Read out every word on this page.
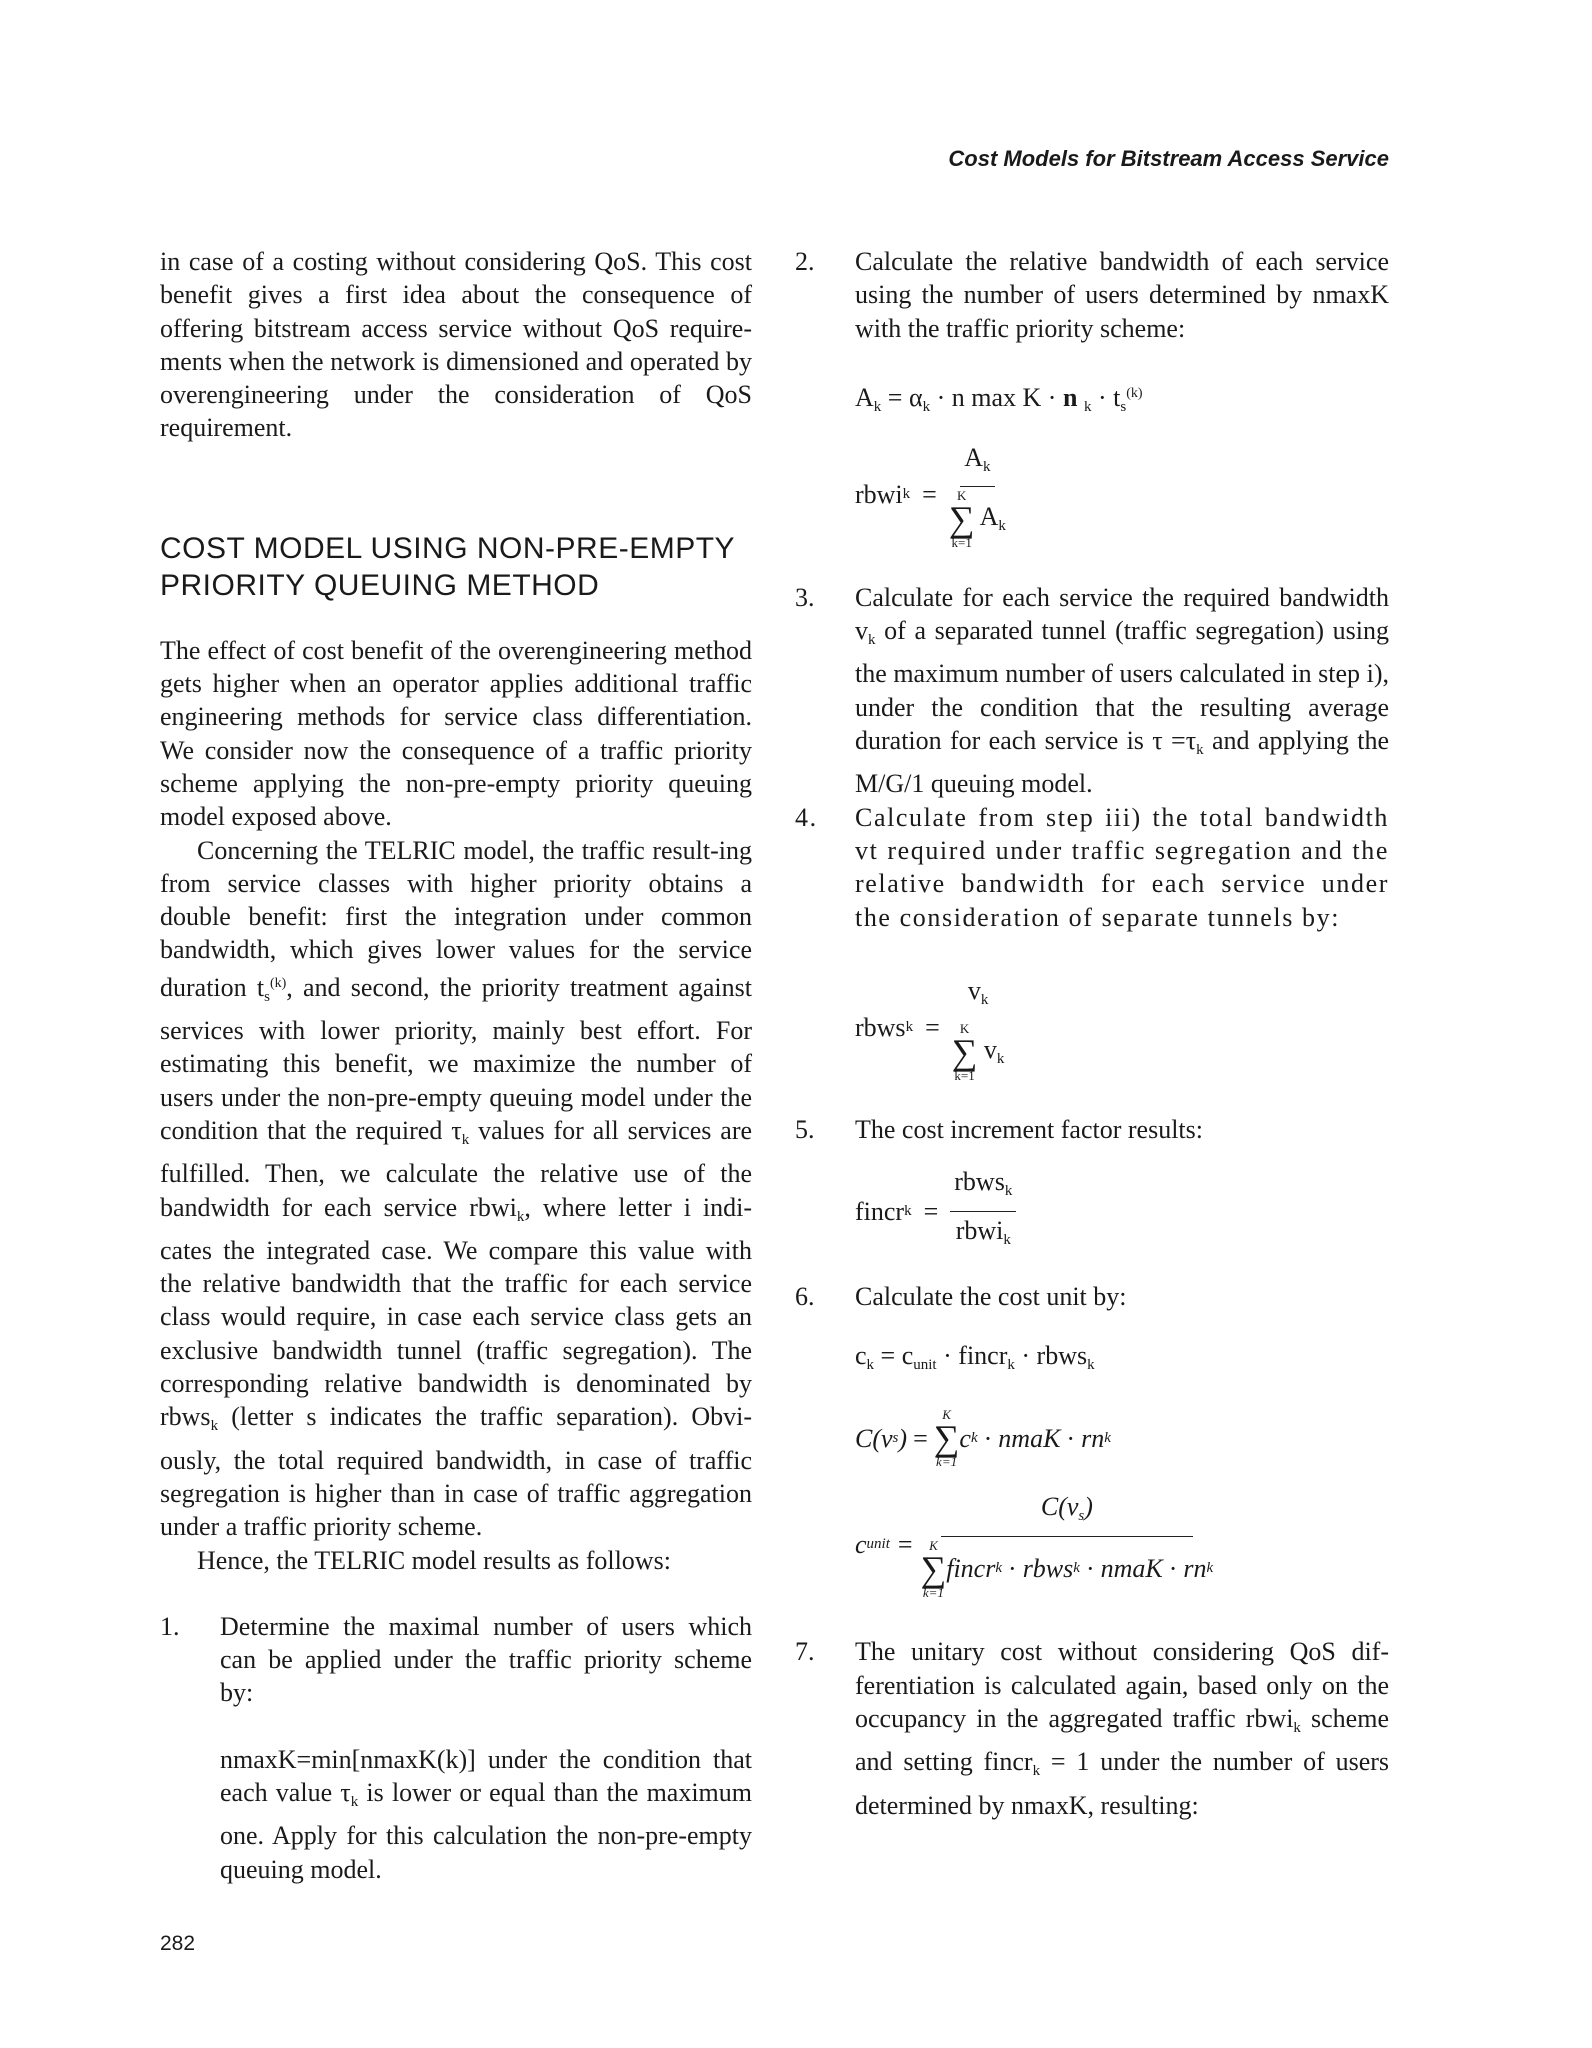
Cost Models for Bitstream Access Service

in case of a costing without considering QoS. This cost benefit gives a first idea about the consequence of offering bitstream access service without QoS require-ments when the network is dimensioned and operated by overengineering under the consideration of QoS requirement.

COST MODEL USING NON-PRE-EMPTY
PRIORITY QUEUING METHOD

The effect of cost benefit of the overengineering method gets higher when an operator applies additional traffic engineering methods for service class differentiation. We consider now the consequence of a traffic priority scheme applying the non-pre-empty priority queuing model exposed above.

Concerning the TELRIC model, the traffic result-ing from service classes with higher priority obtains a double benefit: first the integration under common bandwidth, which gives lower values for the service duration $t_s^{(k)}$, and second, the priority treatment against services with lower priority, mainly best effort. For estimating this benefit, we maximize the number of users under the non-pre-empty queuing model under the condition that the required $\tau_k$ values for all services are fulfilled. Then, we calculate the relative use of the bandwidth for each service rbwi$_k$, where letter i indi-cates the integrated case. We compare this value with the relative bandwidth that the traffic for each service class would require, in case each service class gets an exclusive bandwidth tunnel (traffic segregation). The corresponding relative bandwidth is denominated by rbws$_k$ (letter s indicates the traffic separation). Obvi-ously, the total required bandwidth, in case of traffic segregation is higher than in case of traffic aggregation under a traffic priority scheme.

Hence, the TELRIC model results as follows:

1.	Determine the maximal number of users which can be applied under the traffic priority scheme by:
nmaxK=min[nmaxK(k)] under the condition that each value $\tau_k$ is lower or equal than the maximum one. Apply for this calculation the non-pre-empty queuing model.
2.	Calculate the relative bandwidth of each service using the number of users determined by nmaxK with the traffic priority scheme:
$A_k = \alpha_k \cdot n$ max K · n $_k \cdot t_s^{(k)}$
rbwi $k = A_k$
K
∑
k=1
$A_k$
3.	Calculate for each service the required bandwidth $v_k$ of a separated tunnel (traffic segregation) using the maximum number of users calculated in step i), under the condition that the resulting average duration for each service is $\tau =\tau_k$ and applying the M/G/1 queuing model.
4.	Calculate from step iii) the total bandwidth vt required under traffic segregation and the relative bandwidth for each service under the consideration of separate tunnels by:
rbws k =
$v_k$
K
∑
k=1
$v_k$
5.	The cost increment factor results:
fincr $k = \frac{rbws_k}{rbwi_k}$
6.	Calculate the cost unit by:
$c_k = c_{unit}$ · fincr$_k$ · rbws$_k$
C (v s ) =
K
∑
k=1
c k · nmaK · rn k
c unit =
$C(v_s)$
K
∑
k=1
fincr k · rbws k · nmaK · rn k
7.	The unitary cost without considering QoS dif-ferentiation is calculated again, based only on the occupancy in the aggregated traffic rbwi$_k$ scheme and setting fincr$_k$ = 1 under the number of users determined by nmaxK, resulting:
282
